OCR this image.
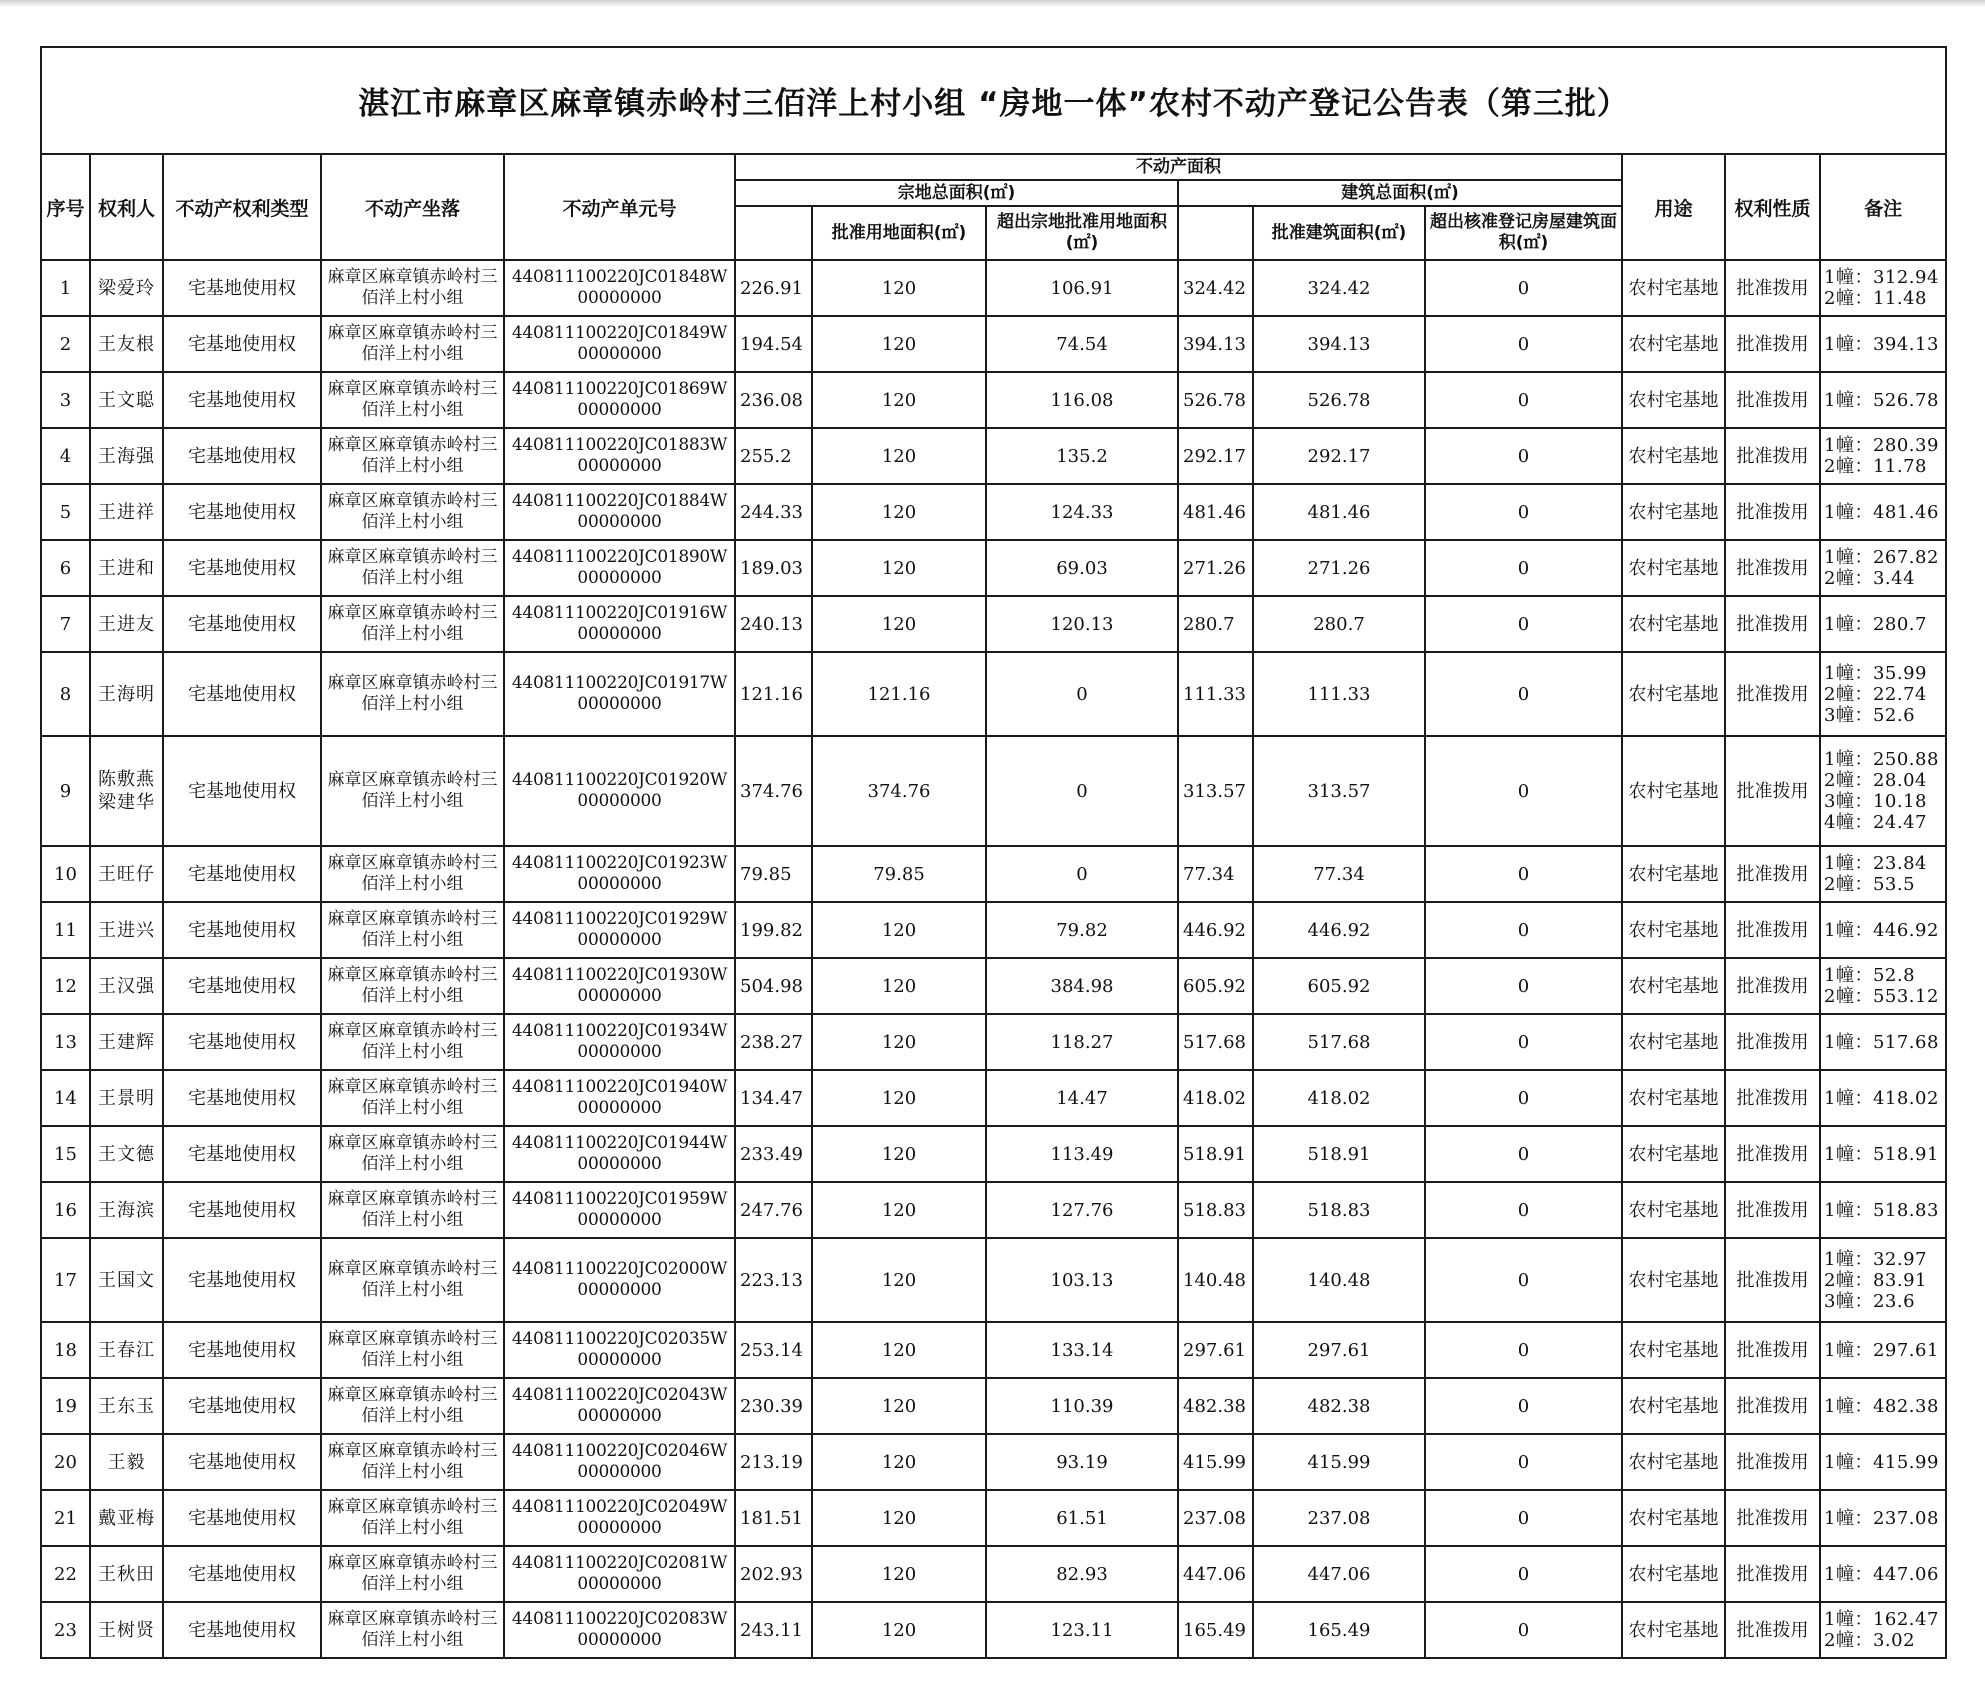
湛江市麻章区麻章镇赤岭村三佰洋上村小组 “房地一体”农村不动产登记公告表（第三批）													
序号	权利人	不动产权利类型	不动产坐落	不动产单元号	不动产面积						用途	权利性质	备注
					宗地总面积(㎡)			建筑总面积(㎡)					
						批准用地面积(㎡)	超出宗地批准用地面积(㎡)		批准建筑面积(㎡)	超出核准登记房屋建筑面积(㎡)			
1	梁爱玲	宅基地使用权	麻章区麻章镇赤岭村三佰洋上村小组	440811100220JC01848W00000000	226.91	120	106.91	324.42	324.42	0	农村宅基地	批准拨用	1幢：312.94
2幢：11.48

2	王友根	宅基地使用权	麻章区麻章镇赤岭村三佰洋上村小组	440811100220JC01849W00000000	194.54	120	74.54	394.13	394.13	0	农村宅基地	批准拨用	1幢：394.13

3	王文聪	宅基地使用权	麻章区麻章镇赤岭村三佰洋上村小组	440811100220JC01869W00000000	236.08	120	116.08	526.78	526.78	0	农村宅基地	批准拨用	1幢：526.78

4	王海强	宅基地使用权	麻章区麻章镇赤岭村三佰洋上村小组	440811100220JC01883W00000000	255.2	120	135.2	292.17	292.17	0	农村宅基地	批准拨用	1幢：280.39
2幢：11.78

5	王进祥	宅基地使用权	麻章区麻章镇赤岭村三佰洋上村小组	440811100220JC01884W00000000	244.33	120	124.33	481.46	481.46	0	农村宅基地	批准拨用	1幢：481.46

6	王进和	宅基地使用权	麻章区麻章镇赤岭村三佰洋上村小组	440811100220JC01890W00000000	189.03	120	69.03	271.26	271.26	0	农村宅基地	批准拨用	1幢：267.82
2幢：3.44

7	王进友	宅基地使用权	麻章区麻章镇赤岭村三佰洋上村小组	440811100220JC01916W00000000	240.13	120	120.13	280.7	280.7	0	农村宅基地	批准拨用	1幢：280.7

8	王海明	宅基地使用权	麻章区麻章镇赤岭村三佰洋上村小组	440811100220JC01917W00000000	121.16	121.16	0	111.33	111.33	0	农村宅基地	批准拨用	1幢：35.99
2幢：22.74
3幢：52.6

9	陈敷燕梁建华	宅基地使用权	麻章区麻章镇赤岭村三佰洋上村小组	440811100220JC01920W00000000	374.76	374.76	0	313.57	313.57	0	农村宅基地	批准拨用	1幢：250.88
2幢：28.04
3幢：10.18
4幢：24.47

10	王旺仔	宅基地使用权	麻章区麻章镇赤岭村三佰洋上村小组	440811100220JC01923W00000000	79.85	79.85	0	77.34	77.34	0	农村宅基地	批准拨用	1幢：23.84
2幢：53.5

11	王进兴	宅基地使用权	麻章区麻章镇赤岭村三佰洋上村小组	440811100220JC01929W00000000	199.82	120	79.82	446.92	446.92	0	农村宅基地	批准拨用	1幢：446.92

12	王汉强	宅基地使用权	麻章区麻章镇赤岭村三佰洋上村小组	440811100220JC01930W00000000	504.98	120	384.98	605.92	605.92	0	农村宅基地	批准拨用	1幢：52.8
2幢：553.12

13	王建辉	宅基地使用权	麻章区麻章镇赤岭村三佰洋上村小组	440811100220JC01934W00000000	238.27	120	118.27	517.68	517.68	0	农村宅基地	批准拨用	1幢：517.68

14	王景明	宅基地使用权	麻章区麻章镇赤岭村三佰洋上村小组	440811100220JC01940W00000000	134.47	120	14.47	418.02	418.02	0	农村宅基地	批准拨用	1幢：418.02

15	王文德	宅基地使用权	麻章区麻章镇赤岭村三佰洋上村小组	440811100220JC01944W00000000	233.49	120	113.49	518.91	518.91	0	农村宅基地	批准拨用	1幢：518.91

16	王海滨	宅基地使用权	麻章区麻章镇赤岭村三佰洋上村小组	440811100220JC01959W00000000	247.76	120	127.76	518.83	518.83	0	农村宅基地	批准拨用	1幢：518.83

17	王国文	宅基地使用权	麻章区麻章镇赤岭村三佰洋上村小组	440811100220JC02000W00000000	223.13	120	103.13	140.48	140.48	0	农村宅基地	批准拨用	1幢：32.97
2幢：83.91
3幢：23.6

18	王春江	宅基地使用权	麻章区麻章镇赤岭村三佰洋上村小组	440811100220JC02035W00000000	253.14	120	133.14	297.61	297.61	0	农村宅基地	批准拨用	1幢：297.61

19	王东玉	宅基地使用权	麻章区麻章镇赤岭村三佰洋上村小组	440811100220JC02043W00000000	230.39	120	110.39	482.38	482.38	0	农村宅基地	批准拨用	1幢：482.38

20	王毅	宅基地使用权	麻章区麻章镇赤岭村三佰洋上村小组	440811100220JC02046W00000000	213.19	120	93.19	415.99	415.99	0	农村宅基地	批准拨用	1幢：415.99

21	戴亚梅	宅基地使用权	麻章区麻章镇赤岭村三佰洋上村小组	440811100220JC02049W00000000	181.51	120	61.51	237.08	237.08	0	农村宅基地	批准拨用	1幢：237.08

22	王秋田	宅基地使用权	麻章区麻章镇赤岭村三佰洋上村小组	440811100220JC02081W00000000	202.93	120	82.93	447.06	447.06	0	农村宅基地	批准拨用	1幢：447.06

23	王树贤	宅基地使用权	麻章区麻章镇赤岭村三佰洋上村小组	440811100220JC02083W00000000	243.11	120	123.11	165.49	165.49	0	农村宅基地	批准拨用	1幢：162.47
2幢：3.02
